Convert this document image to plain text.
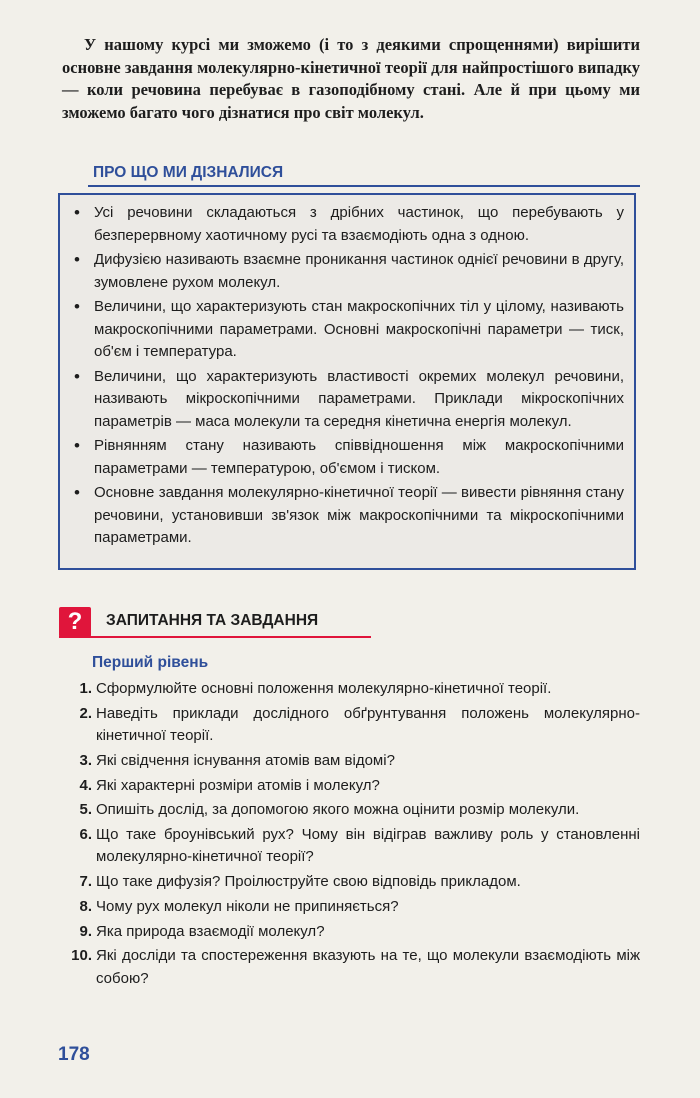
У нашому курсі ми зможемо (і то з деякими спрощеннями) вирішити основне завдання молекулярно-кінетичної теорії для найпростішого випадку — коли речовина перебуває в газоподібному стані. Але й при цьому ми зможемо багато чого дізнатися про світ молекул.

ПРО ЩО МИ ДІЗНАЛИСЯ
• Усі речовини складаються з дрібних частинок, що перебувають у безперервному хаотичному русі та взаємодіють одна з одною.
• Дифузією називають взаємне проникання частинок однієї речовини в другу, зумовлене рухом молекул.
• Величини, що характеризують стан макроскопічних тіл у цілому, називають макроскопічними параметрами. Основні макроскопічні параметри — тиск, об'єм і температура.
• Величини, що характеризують властивості окремих молекул речовини, називають мікроскопічними параметрами. Приклади мікроскопічних параметрів — маса молекули та середня кінетична енергія молекул.
• Рівнянням стану називають співвідношення між макроскопічними параметрами — температурою, об'ємом і тиском.
• Основне завдання молекулярно-кінетичної теорії — вивести рівняння стану речовини, установивши зв'язок між макроскопічними та мікроскопічними параметрами.
?	ЗАПИТАННЯ ТА ЗАВДАННЯ
Перший рівень
1. Сформулюйте основні положення молекулярно-кінетичної теорії.
2. Наведіть приклади дослідного обґрунтування положень молекулярно-кінетичної теорії.
3. Які свідчення існування атомів вам відомі?
4. Які характерні розміри атомів і молекул?
5. Опишіть дослід, за допомогою якого можна оцінити розмір молекули.
6. Що таке броунівський рух? Чому він відіграв важливу роль у становленні молекулярно-кінетичної теорії?
7. Що таке дифузія? Проілюструйте свою відповідь прикладом.
8. Чому рух молекул ніколи не припиняється?
9. Яка природа взаємодії молекул?
10. Які досліди та спостереження вказують на те, що молекули взаємодіють між собою?

178
